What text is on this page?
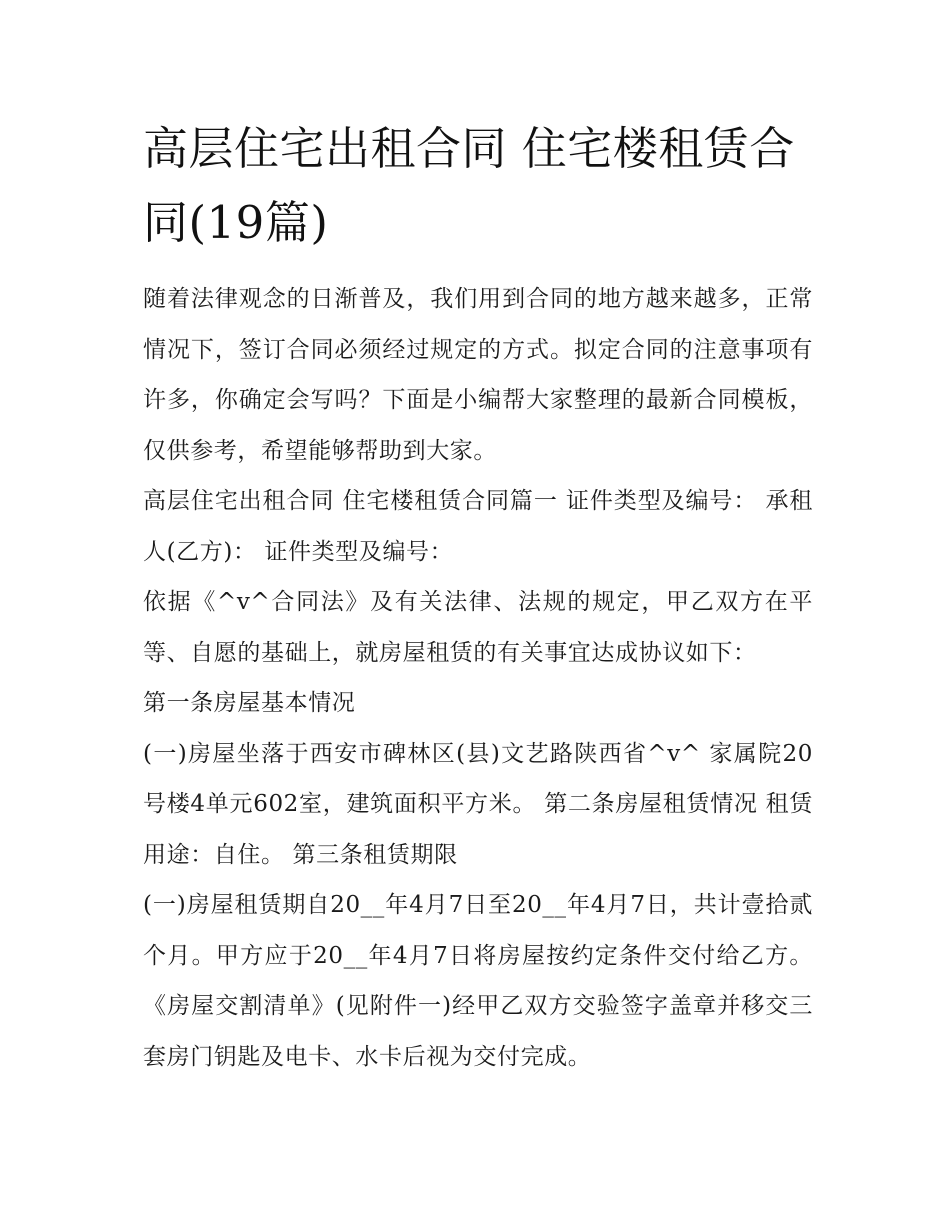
高层住宅出租合同 住宅楼租赁合同(19篇)

随着法律观念的日渐普及，我们用到合同的地方越来越多，正常情况下，签订合同必须经过规定的方式。拟定合同的注意事项有许多，你确定会写吗？下面是小编帮大家整理的最新合同模板，仅供参考，希望能够帮助到大家。

高层住宅出租合同 住宅楼租赁合同篇一 证件类型及编号： 承租人(乙方)： 证件类型及编号：

依据《^v^合同法》及有关法律、法规的规定，甲乙双方在平等、自愿的基础上，就房屋租赁的有关事宜达成协议如下：

第一条房屋基本情况

(一)房屋坐落于西安市碑林区(县)文艺路陕西省^v^ 家属院20号楼4单元602室，建筑面积平方米。 第二条房屋租赁情况 租赁用途：自住。 第三条租赁期限

(一)房屋租赁期自20__年4月7日至20__年4月7日，共计壹拾贰个月。甲方应于20__年4月7日将房屋按约定条件交付给乙方。《房屋交割清单》(见附件一)经甲乙双方交验签字盖章并移交三套房门钥匙及电卡、水卡后视为交付完成。
